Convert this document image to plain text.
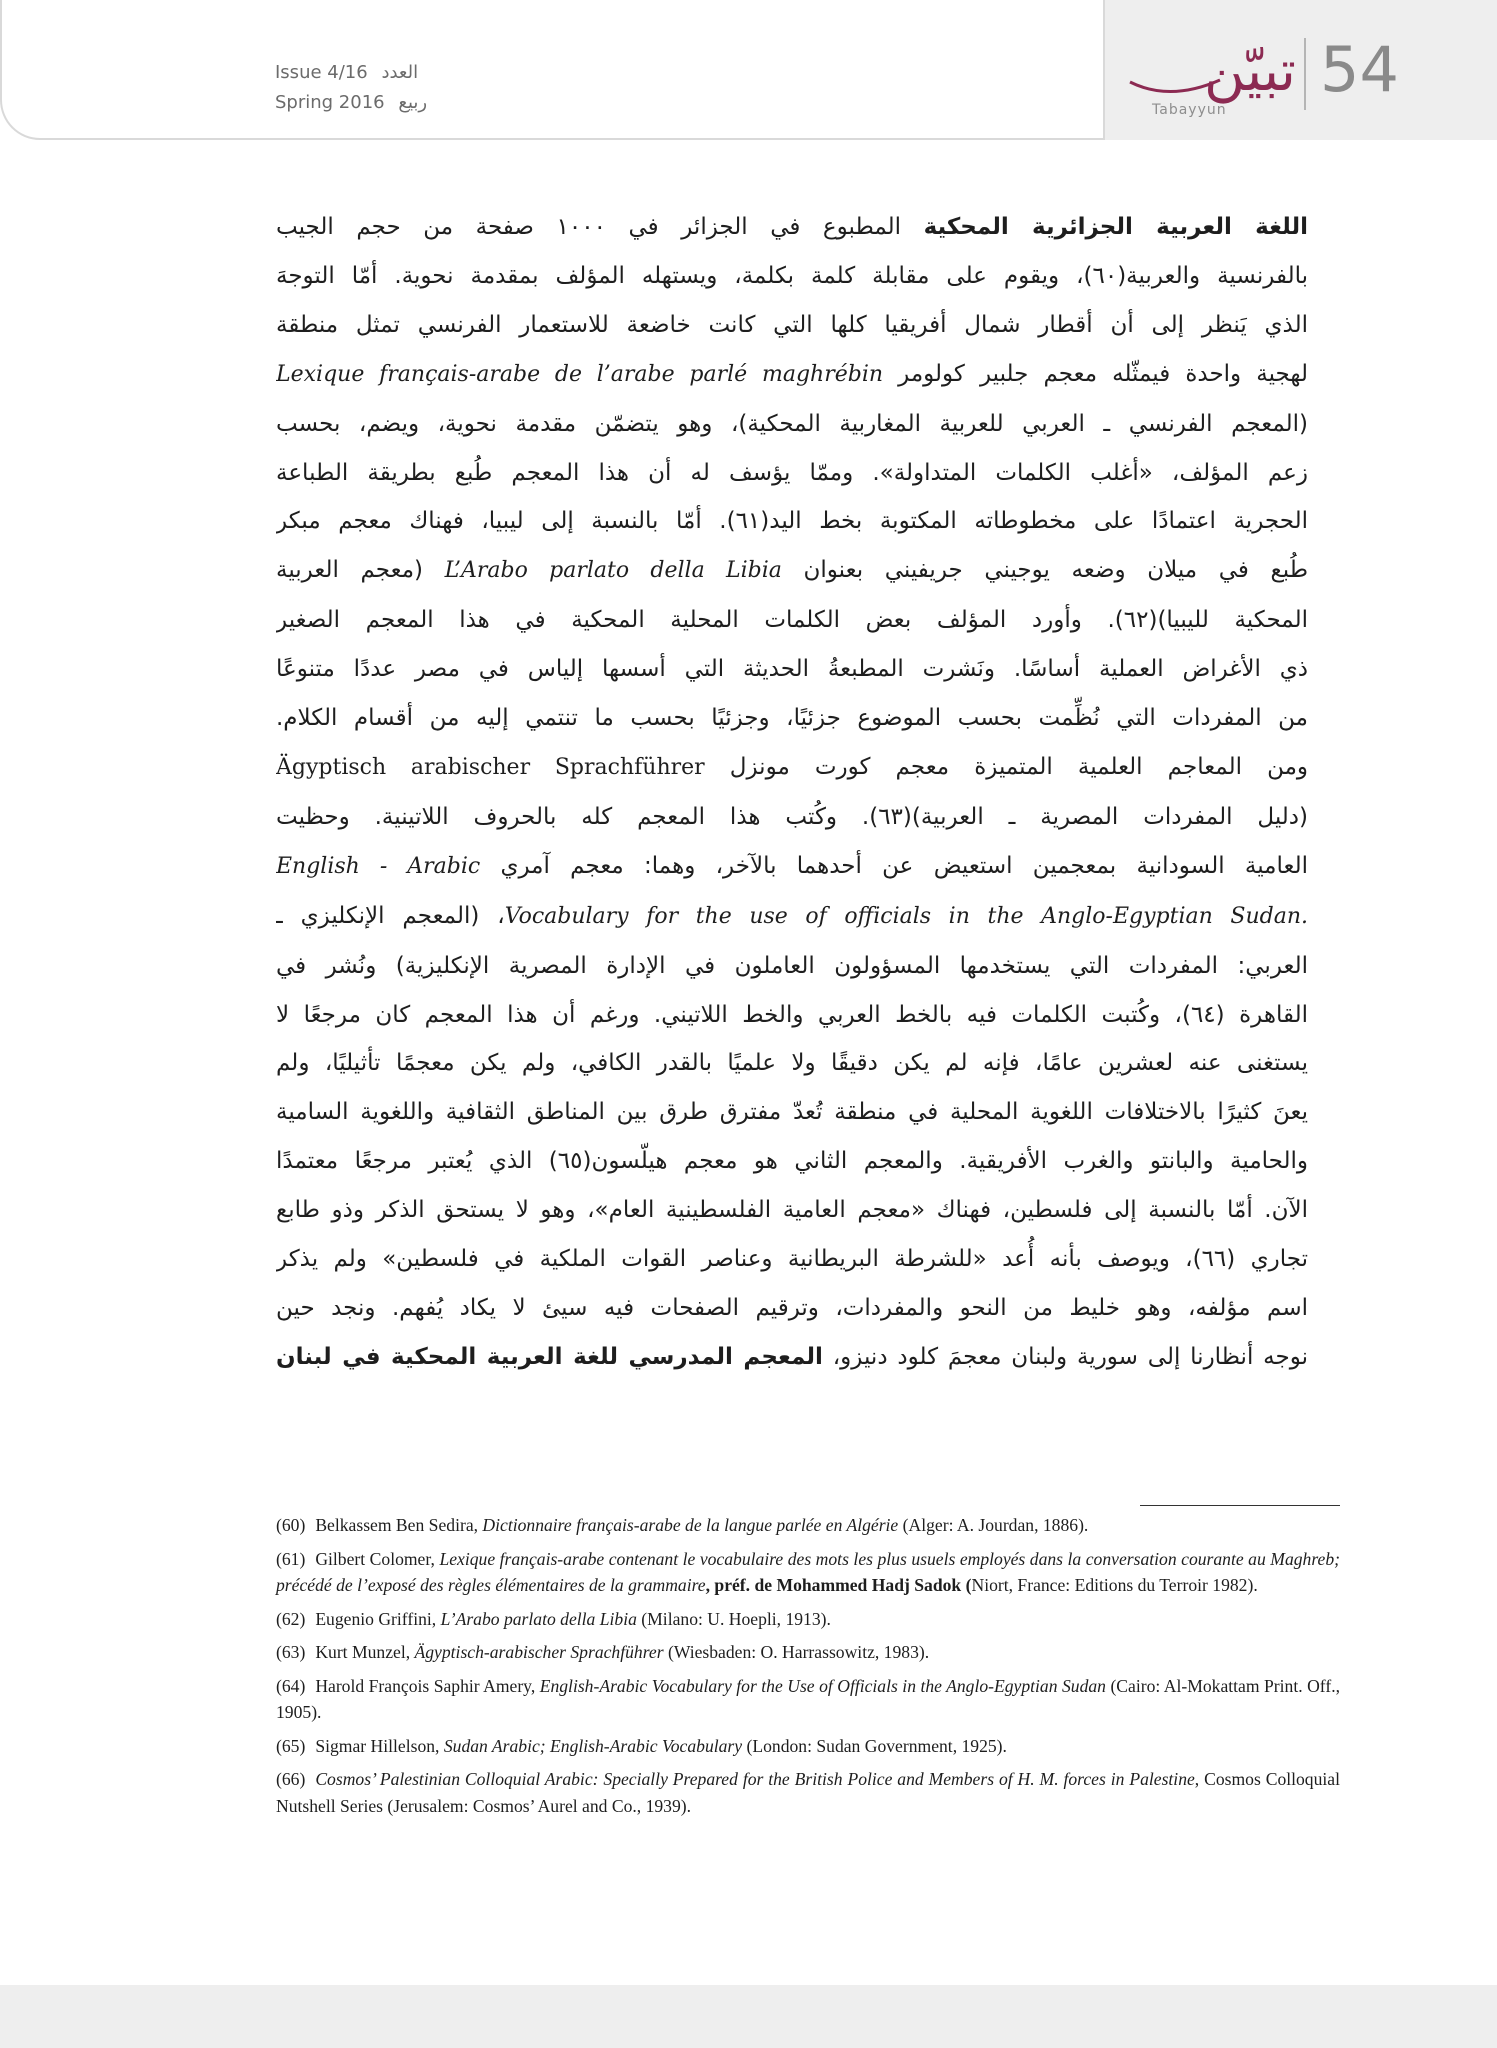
Issue 4/16 العدد
Spring 2016 ربيع	تبيّن
Tabayyun
54
اللغة العربية الجزائرية المحكية المطبوع في الجزائر في ١٠٠٠ صفحة من حجم الجيب
بالفرنسية والعربية(٦٠)، ويقوم على مقابلة كلمة بكلمة، ويستهله المؤلف بمقدمة نحوية. أمّا التوجهَ
الذي يَنظر إلى أن أقطار شمال أفريقيا كلها التي كانت خاضعة للاستعمار الفرنسي تمثل منطقة
لهجية واحدة فيمثّله معجم جلبير كولومر Lexique français-arabe de l’arabe parlé maghrébin
(المعجم الفرنسي ـ العربي للعربية المغاربية المحكية)، وهو يتضمّن مقدمة نحوية، ويضم، بحسب
زعم المؤلف، «أغلب الكلمات المتداولة». وممّا يؤسف له أن هذا المعجم طُبع بطريقة الطباعة
الحجرية اعتمادًا على مخطوطاته المكتوبة بخط اليد(٦١). أمّا بالنسبة إلى ليبيا، فهناك معجم مبكر
طُبع في ميلان وضعه يوجيني جريفيني بعنوان L’Arabo parlato della Libia (معجم العربية
المحكية لليبيا)(٦٢). وأورد المؤلف بعض الكلمات المحلية المحكية في هذا المعجم الصغير
ذي الأغراض العملية أساسًا. ونَشرت المطبعةُ الحديثة التي أسسها إلياس في مصر عددًا متنوعًا
من المفردات التي نُظِّمت بحسب الموضوع جزئيًا، وجزئيًا بحسب ما تنتمي إليه من أقسام الكلام.
ومن المعاجم العلمية المتميزة معجم كورت مونزل Ägyptisch arabischer Sprachführer
(دليل المفردات المصرية ـ العربية)(٦٣). وكُتب هذا المعجم كله بالحروف اللاتينية. وحظيت
العامية السودانية بمعجمين استعيض عن أحدهما بالآخر، وهما: معجم آمري English - Arabic
Vocabulary for the use of officials in the Anglo-Egyptian Sudan.، (المعجم الإنكليزي ـ
العربي: المفردات التي يستخدمها المسؤولون العاملون في الإدارة المصرية الإنكليزية) ونُشر في
القاهرة (٦٤)، وكُتبت الكلمات فيه بالخط العربي والخط اللاتيني. ورغم أن هذا المعجم كان مرجعًا لا
يستغنى عنه لعشرين عامًا، فإنه لم يكن دقيقًا ولا علميًا بالقدر الكافي، ولم يكن معجمًا تأثيليًا، ولم
يعنَ كثيرًا بالاختلافات اللغوية المحلية في منطقة تُعدّ مفترق طرق بين المناطق الثقافية واللغوية السامية
والحامية والبانتو والغرب الأفريقية. والمعجم الثاني هو معجم هيلّسون(٦٥) الذي يُعتبر مرجعًا معتمدًا
الآن. أمّا بالنسبة إلى فلسطين، فهناك «معجم العامية الفلسطينية العام»، وهو لا يستحق الذكر وذو طابع
تجاري (٦٦)، ويوصف بأنه أُعد «للشرطة البريطانية وعناصر القوات الملكية في فلسطين» ولم يذكر
اسم مؤلفه، وهو خليط من النحو والمفردات، وترقيم الصفحات فيه سيئ لا يكاد يُفهم. ونجد حين
نوجه أنظارنا إلى سورية ولبنان معجمَ كلود دنيزو، المعجم المدرسي للغة العربية المحكية في لبنان
(60) Belkassem Ben Sedira, Dictionnaire français-arabe de la langue parlée en Algérie (Alger: A. Jourdan, 1886).
(61) Gilbert Colomer, Lexique français-arabe contenant le vocabulaire des mots les plus usuels employés dans la conversation courante au Maghreb; précédé de l’exposé des règles élémentaires de la grammaire, préf. de Mohammed Hadj Sadok (Niort, France: Editions du Terroir 1982).
(62) Eugenio Griffini, L’Arabo parlato della Libia (Milano: U. Hoepli, 1913).
(63) Kurt Munzel, Ägyptisch-arabischer Sprachführer (Wiesbaden: O. Harrassowitz, 1983).
(64) Harold François Saphir Amery, English-Arabic Vocabulary for the Use of Officials in the Anglo-Egyptian Sudan (Cairo: Al-Mokattam Print. Off., 1905).
(65) Sigmar Hillelson, Sudan Arabic; English-Arabic Vocabulary (London: Sudan Government, 1925).
(66) Cosmos’ Palestinian Colloquial Arabic: Specially Prepared for the British Police and Members of H. M. forces in Palestine, Cosmos Colloquial Nutshell Series (Jerusalem: Cosmos’ Aurel and Co., 1939).
